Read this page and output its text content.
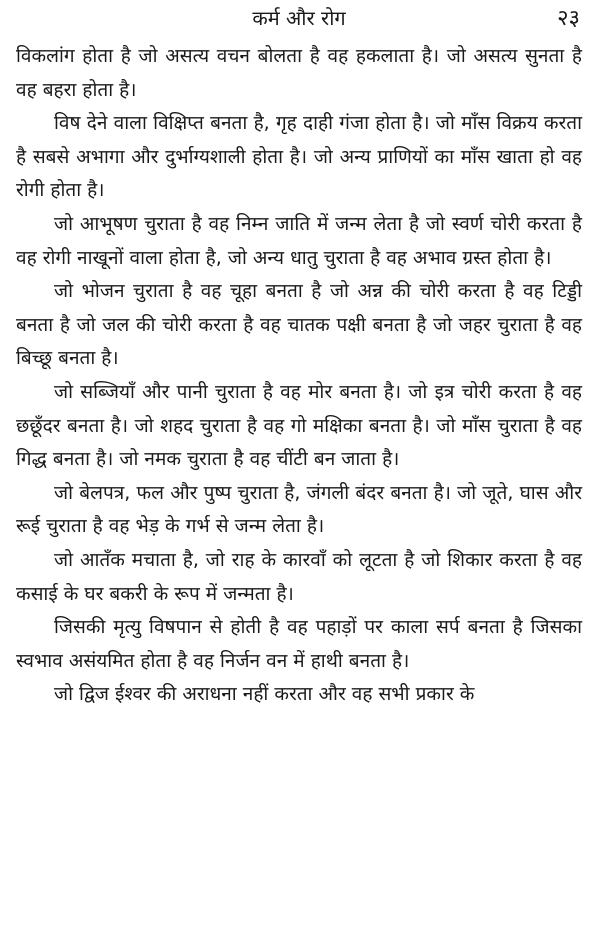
कर्म और रोग	२३

विकलांग होता है जो असत्य वचन बोलता है वह हकलाता है। जो असत्य सुनता है वह बहरा होता है।

विष देने वाला विक्षिप्त बनता है, गृह दाही गंजा होता है। जो माँस विक्रय करता है सबसे अभागा और दुर्भाग्यशाली होता है। जो अन्य प्राणियों का माँस खाता हो वह रोगी होता है।

जो आभूषण चुराता है वह निम्न जाति में जन्म लेता है जो स्वर्ण चोरी करता है वह रोगी नाखूनों वाला होता है, जो अन्य धातु चुराता है वह अभाव ग्रस्त होता है।

जो भोजन चुराता है वह चूहा बनता है जो अन्न की चोरी करता है वह टिड्डी बनता है जो जल की चोरी करता है वह चातक पक्षी बनता है जो जहर चुराता है वह बिच्छू बनता है।

जो सब्जियाँ और पानी चुराता है वह मोर बनता है। जो इत्र चोरी करता है वह छछूँदर बनता है। जो शहद चुराता है वह गो मक्षिका बनता है। जो माँस चुराता है वह गिद्ध बनता है। जो नमक चुराता है वह चींटी बन जाता है।

जो बेलपत्र, फल और पुष्प चुराता है, जंगली बंदर बनता है। जो जूते, घास और रूई चुराता है वह भेड़ के गर्भ से जन्म लेता है।

जो आतँक मचाता है, जो राह के कारवाँ को लूटता है जो शिकार करता है वह कसाई के घर बकरी के रूप में जन्मता है।

जिसकी मृत्यु विषपान से होती है वह पहाड़ों पर काला सर्प बनता है जिसका स्वभाव असंयमित होता है वह निर्जन वन में हाथी बनता है।

जो द्विज ईश्वर की अराधना नहीं करता और वह सभी प्रकार के
